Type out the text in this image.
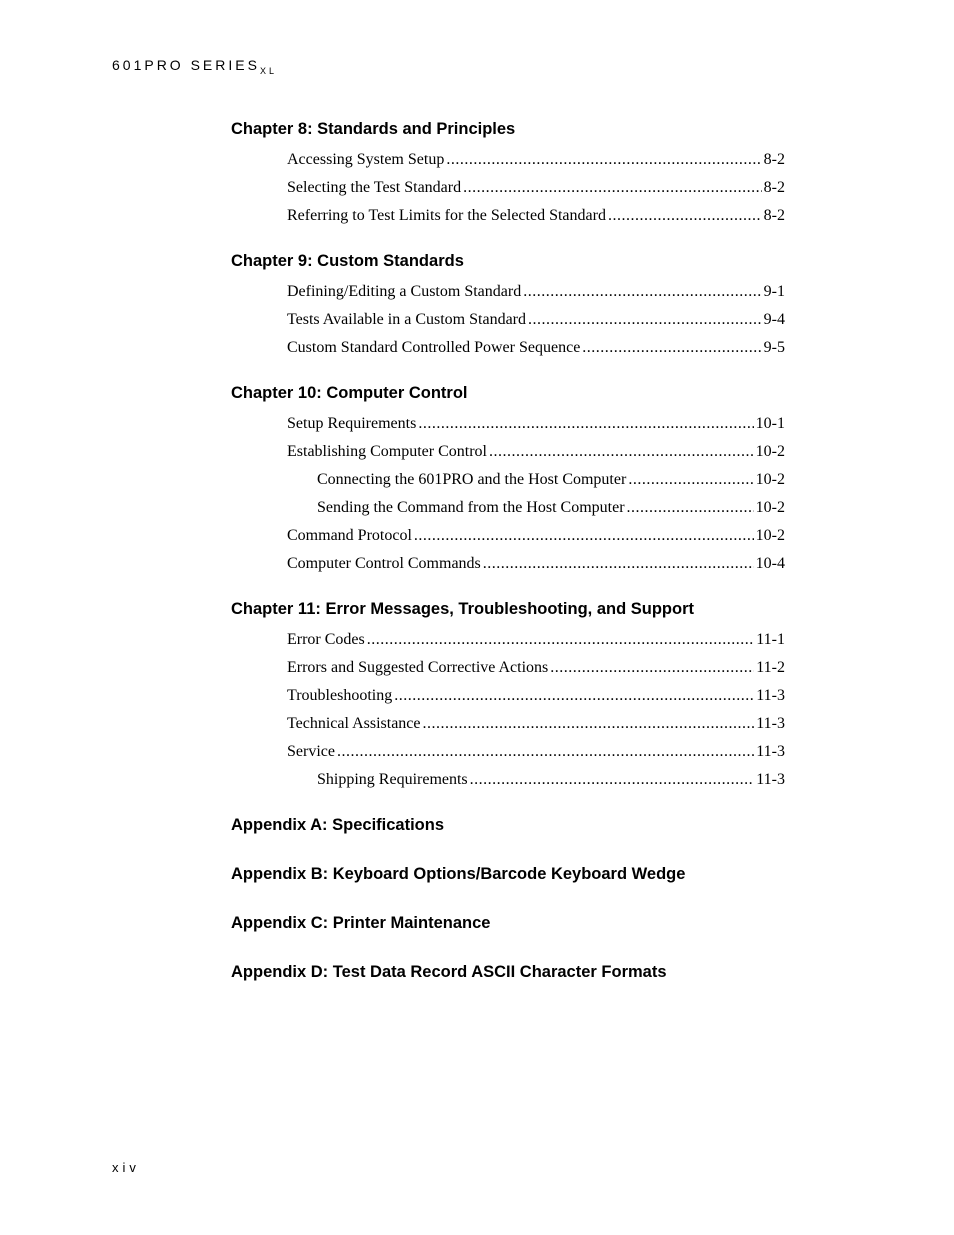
601PRO $SERIES_{XL}$
Chapter 8: Standards and Principles
Accessing System Setup .....	8-2
Selecting the Test Standard .....	8-2
Referring to Test Limits for the Selected Standard .....	8-2
Chapter 9: Custom Standards
Defining/Editing a Custom Standard .....	9-1
Tests Available in a Custom Standard .....	9-4
Custom Standard Controlled Power Sequence .....	9-5
Chapter 10: Computer Control
Setup Requirements .....	10-1
Establishing Computer Control .....	10-2
Connecting the 601PRO and the Host Computer .....	10-2
Sending the Command from the Host Computer .....	10-2
Command Protocol .....	10-2
Computer Control Commands .....	10-4
Chapter 11: Error Messages, Troubleshooting, and Support
Error Codes .....	11-1
Errors and Suggested Corrective Actions .....	11-2
Troubleshooting .....	11-3
Technical Assistance .....	11-3
Service .....	11-3
Shipping Requirements .....	11-3
Appendix A: Specifications
Appendix B: Keyboard Options/Barcode Keyboard Wedge
Appendix C: Printer Maintenance
Appendix D: Test Data Record ASCII Character Formats
xiv
